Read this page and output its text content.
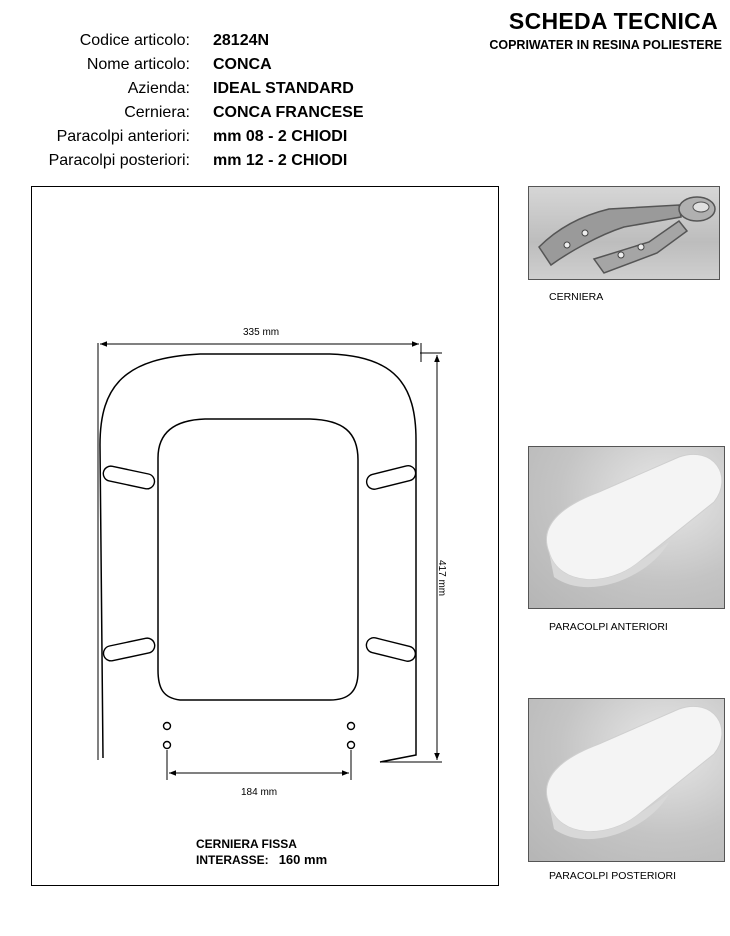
SCHEDA TECNICA
COPRIWATER IN RESINA POLIESTERE
Codice articolo: 28124N
Nome articolo: CONCA
Azienda: IDEAL STANDARD
Cerniera: CONCA FRANCESE
Paracolpi anteriori: mm 08 - 2 CHIODI
Paracolpi posteriori: mm 12 - 2 CHIODI
335 mm
417 mm
184 mm
CERNIERA FISSA
INTERASSE: 160 mm
CERNIERA
PARACOLPI ANTERIORI
PARACOLPI POSTERIORI
